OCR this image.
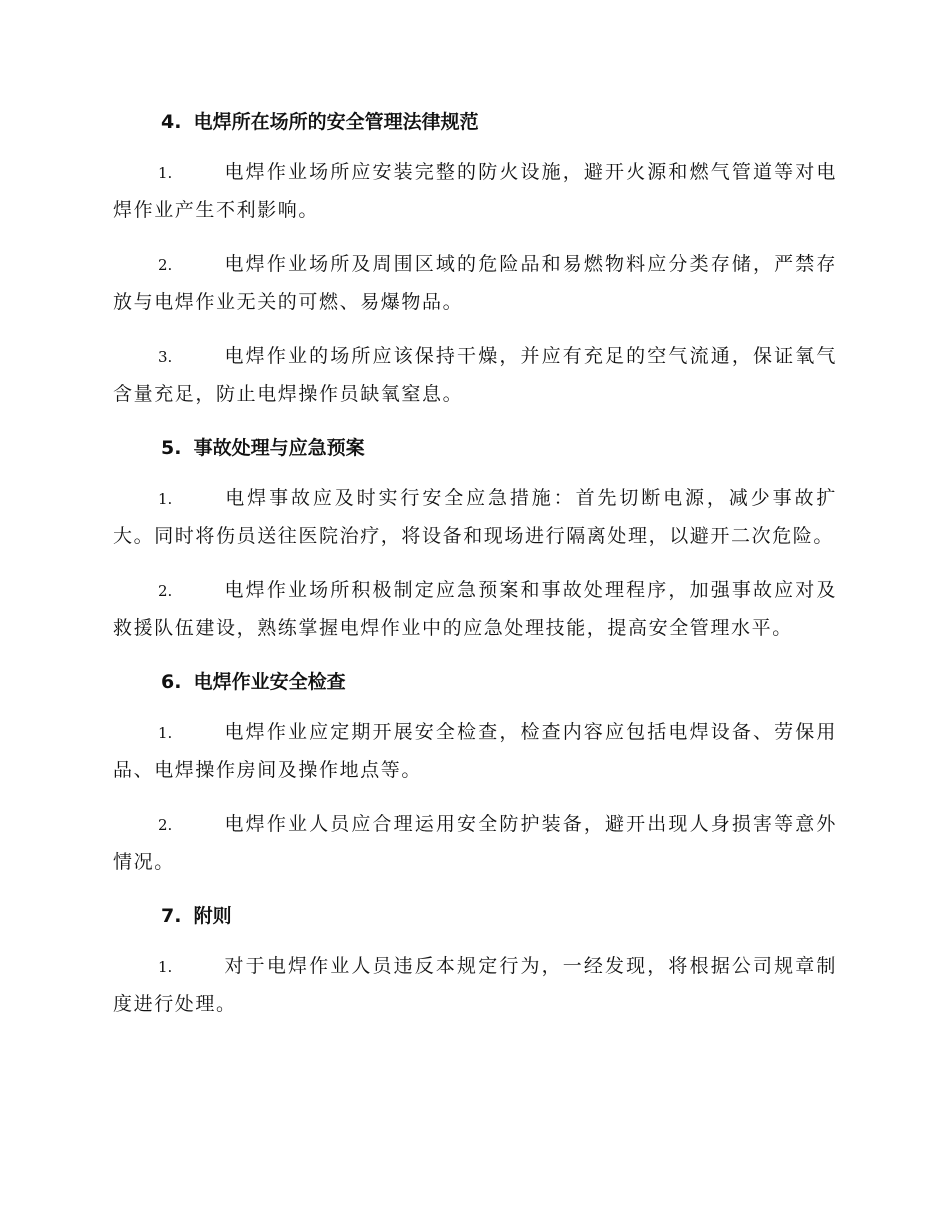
4. 电焊所在场所的安全管理法律规范

1.	电焊作业场所应安装完整的防火设施，避开火源和燃气管道等对电焊作业产生不利影响。

2.	电焊作业场所及周围区域的危险品和易燃物料应分类存储，严禁存放与电焊作业无关的可燃、易爆物品。

3.	电焊作业的场所应该保持干燥，并应有充足的空气流通，保证氧气含量充足，防止电焊操作员缺氧窒息。

5. 事故处理与应急预案

1.	电焊事故应及时实行安全应急措施：首先切断电源，减少事故扩大。同时将伤员送往医院治疗，将设备和现场进行隔离处理，以避开二次危险。

2.	电焊作业场所积极制定应急预案和事故处理程序，加强事故应对及救援队伍建设，熟练掌握电焊作业中的应急处理技能，提高安全管理水平。

6. 电焊作业安全检查

1.	电焊作业应定期开展安全检查，检查内容应包括电焊设备、劳保用品、电焊操作房间及操作地点等。

2.	电焊作业人员应合理运用安全防护装备，避开出现人身损害等意外情况。

7. 附则

1.	对于电焊作业人员违反本规定行为，一经发现，将根据公司规章制度进行处理。
